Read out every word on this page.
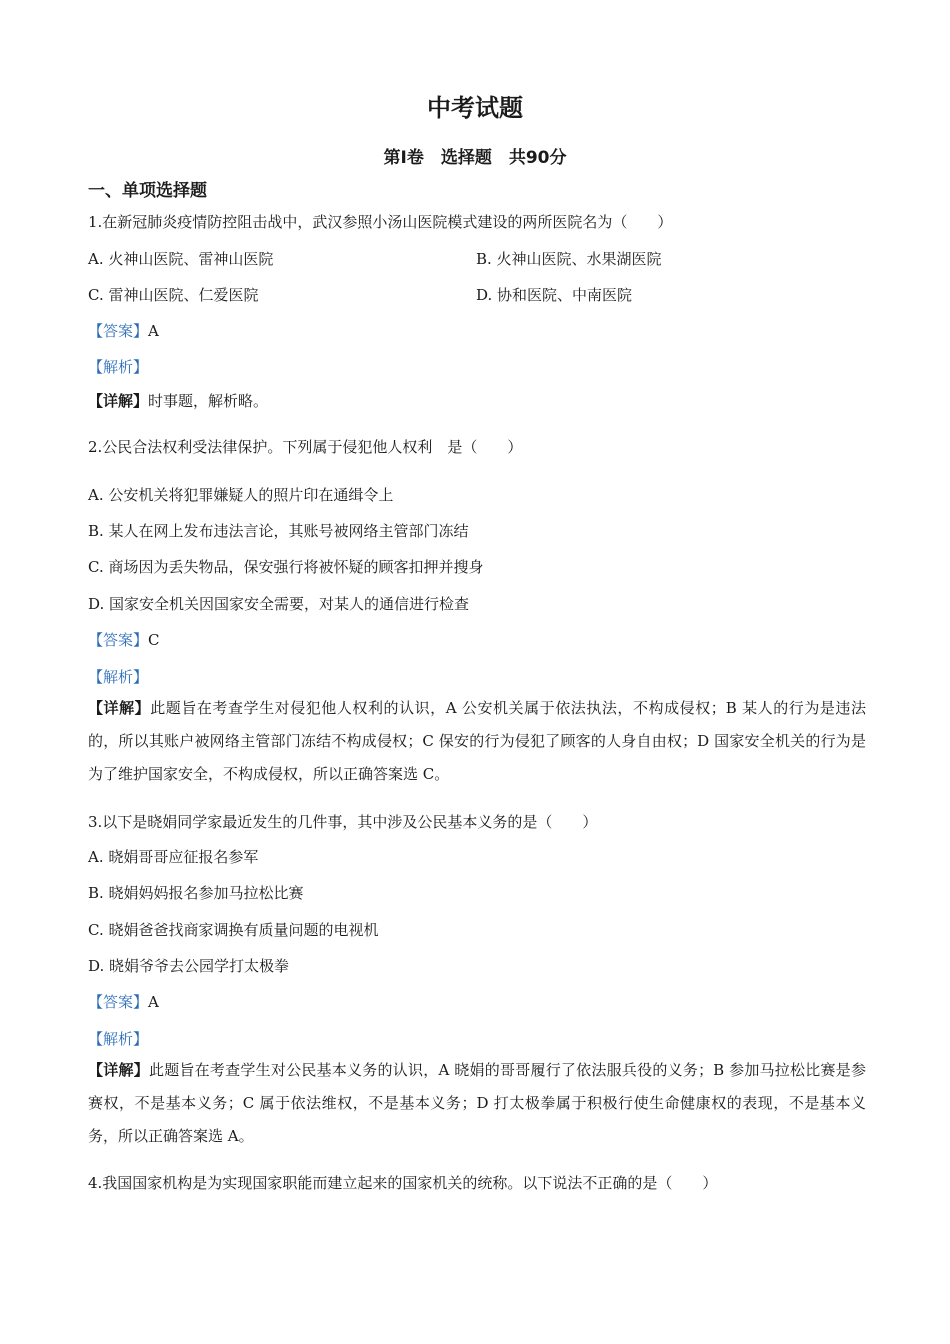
中考试题
第Ⅰ卷　选择题　共90分
一、单项选择题
1.在新冠肺炎疫情防控阻击战中，武汉参照小汤山医院模式建设的两所医院名为（　　）
A. 火神山医院、雷神山医院	B. 火神山医院、水果湖医院
C. 雷神山医院、仁爱医院	D. 协和医院、中南医院
【答案】A
【解析】
【详解】时事题，解析略。
2.公民合法权利受法律保护。下列属于侵犯他人权利　是（　　）
A. 公安机关将犯罪嫌疑人的照片印在通缉令上
B. 某人在网上发布违法言论，其账号被网络主管部门冻结
C. 商场因为丢失物品，保安强行将被怀疑的顾客扣押并搜身
D. 国家安全机关因国家安全需要，对某人的通信进行检查
【答案】C
【解析】
【详解】此题旨在考查学生对侵犯他人权利的认识，A 公安机关属于依法执法，不构成侵权；B 某人的行为是违法的，所以其账户被网络主管部门冻结不构成侵权；C 保安的行为侵犯了顾客的人身自由权；D 国家安全机关的行为是为了维护国家安全，不构成侵权，所以正确答案选 C。
3.以下是晓娟同学家最近发生的几件事，其中涉及公民基本义务的是（　　）
A. 晓娟哥哥应征报名参军
B. 晓娟妈妈报名参加马拉松比赛
C. 晓娟爸爸找商家调换有质量问题的电视机
D. 晓娟爷爷去公园学打太极拳
【答案】A
【解析】
【详解】此题旨在考查学生对公民基本义务的认识，A 晓娟的哥哥履行了依法服兵役的义务；B 参加马拉松比赛是参赛权，不是基本义务；C 属于依法维权，不是基本义务；D 打太极拳属于积极行使生命健康权的表现，不是基本义务，所以正确答案选 A。
4.我国国家机构是为实现国家职能而建立起来的国家机关的统称。以下说法不正确的是（　　）
